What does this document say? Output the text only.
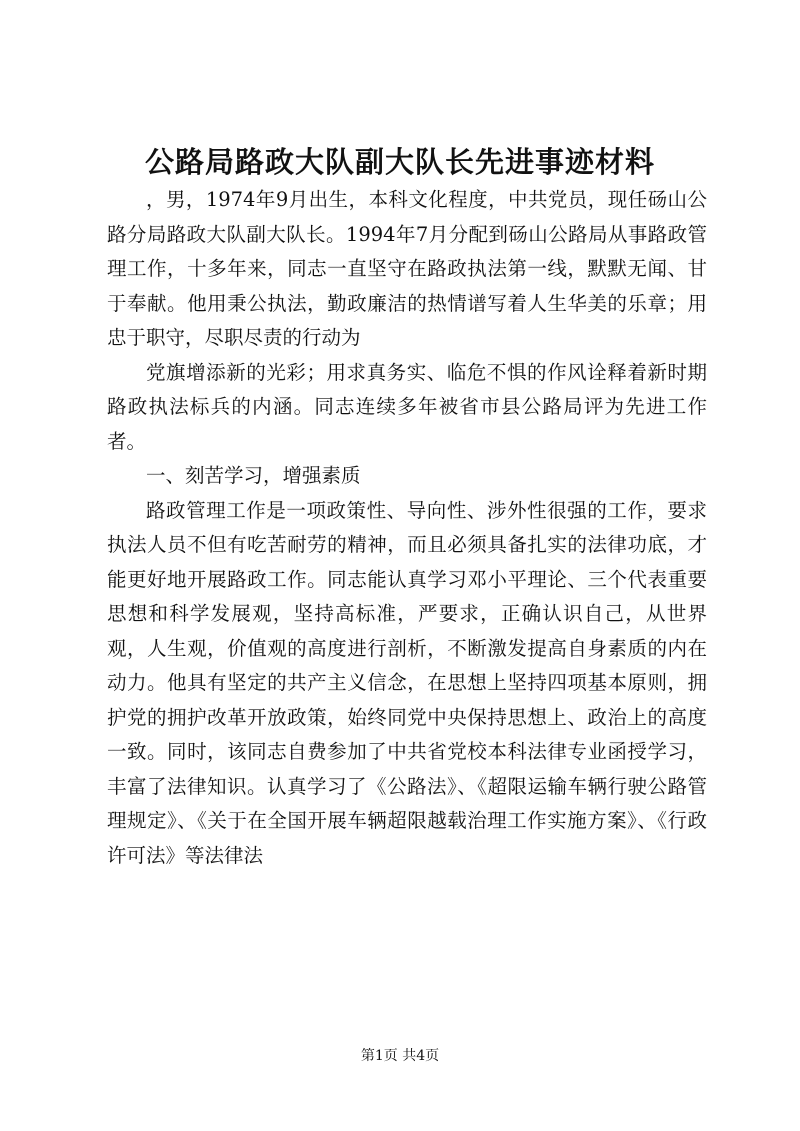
公路局路政大队副大队长先进事迹材料

，男，1974年9月出生，本科文化程度，中共党员，现任砀山公路分局路政大队副大队长。1994年7月分配到砀山公路局从事路政管理工作，十多年来，同志一直坚守在路政执法第一线，默默无闻、甘于奉献。他用秉公执法，勤政廉洁的热情谱写着人生华美的乐章；用忠于职守，尽职尽责的行动为

党旗增添新的光彩；用求真务实、临危不惧的作风诠释着新时期路政执法标兵的内涵。同志连续多年被省市县公路局评为先进工作者。

一、刻苦学习，增强素质

路政管理工作是一项政策性、导向性、涉外性很强的工作，要求执法人员不但有吃苦耐劳的精神，而且必须具备扎实的法律功底，才能更好地开展路政工作。同志能认真学习邓小平理论、三个代表重要思想和科学发展观，坚持高标准，严要求，正确认识自己，从世界观，人生观，价值观的高度进行剖析，不断激发提高自身素质的内在动力。他具有坚定的共产主义信念，在思想上坚持四项基本原则，拥护党的拥护改革开放政策，始终同党中央保持思想上、政治上的高度一致。同时，该同志自费参加了中共省党校本科法律专业函授学习，丰富了法律知识。认真学习了《公路法》、《超限运输车辆行驶公路管理规定》、《关于在全国开展车辆超限越载治理工作实施方案》、《行政许可法》等法律法

第1页 共4页
